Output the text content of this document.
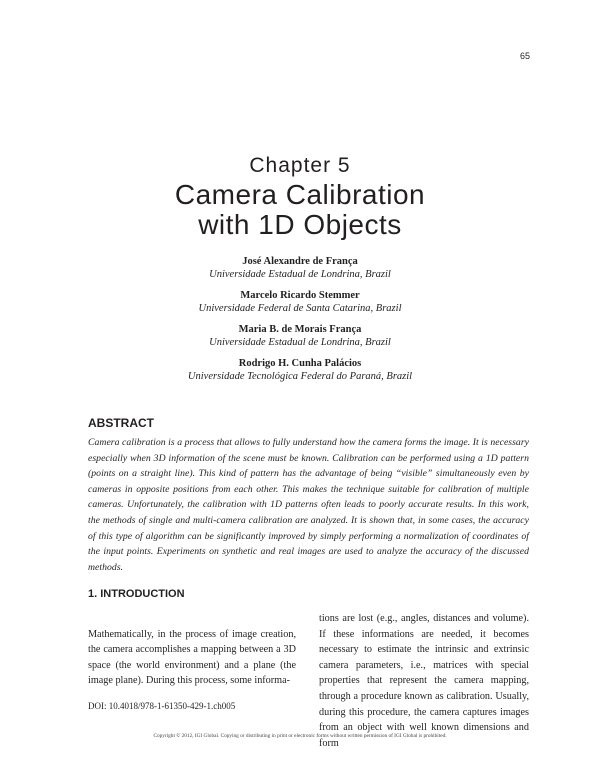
65
Chapter 5
Camera Calibration
with 1D Objects
José Alexandre de França
Universidade Estadual de Londrina, Brazil
Marcelo Ricardo Stemmer
Universidade Federal de Santa Catarina, Brazil
Maria B. de Morais França
Universidade Estadual de Londrina, Brazil
Rodrigo H. Cunha Palácios
Universidade Tecnológica Federal do Paraná, Brazil
ABSTRACT

Camera calibration is a process that allows to fully understand how the camera forms the image. It is necessary especially when 3D information of the scene must be known. Calibration can be performed using a 1D pattern (points on a straight line). This kind of pattern has the advantage of being “visible” simultaneously even by cameras in opposite positions from each other. This makes the technique suitable for calibration of multiple cameras. Unfortunately, the calibration with 1D patterns often leads to poorly accurate results. In this work, the methods of single and multi-camera calibration are analyzed. It is shown that, in some cases, the accuracy of this type of algorithm can be significantly improved by simply performing a normalization of coordinates of the input points. Experiments on synthetic and real images are used to analyze the accuracy of the discussed methods.

1. INTRODUCTION

Mathematically, in the process of image creation, the camera accomplishes a mapping between a 3D space (the world environment) and a plane (the image plane). During this process, some informa-

tions are lost (e.g., angles, distances and volume). If these informations are needed, it becomes necessary to estimate the intrinsic and extrinsic camera parameters, i.e., matrices with special properties that represent the camera mapping, through a procedure known as calibration. Usually, during this procedure, the camera captures images from an object with well known dimensions and form

DOI: 10.4018/978-1-61350-429-1.ch005
Copyright © 2012, IGI Global. Copying or distributing in print or electronic forms without written permission of IGI Global is prohibited.
